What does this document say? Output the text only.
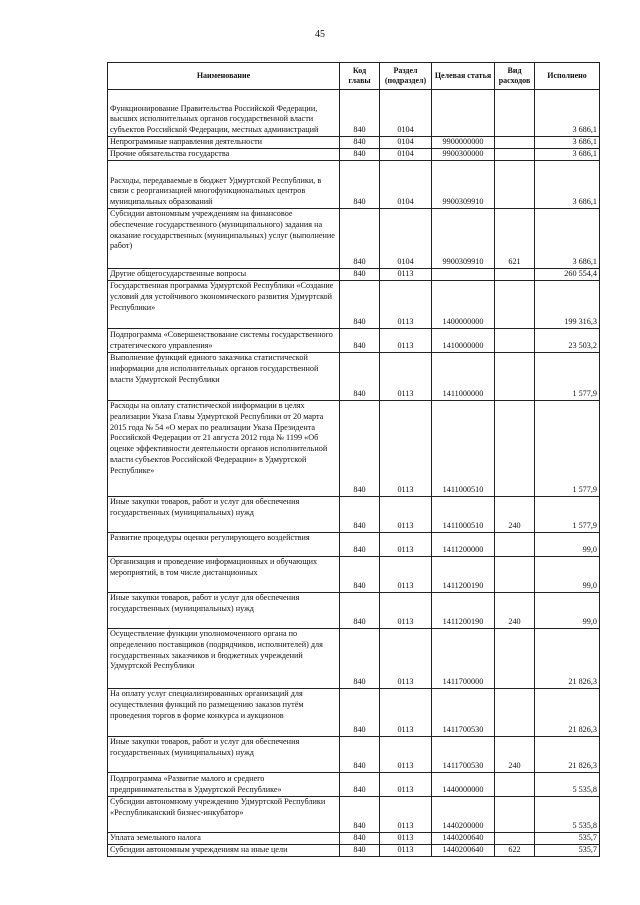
45
Наименование	Код главы	Раздел (подраздел)	Целевая статья	Вид расходов	Исполнено
Функционирование Правительства Российской Федерации, высших исполнительных органов государственной власти субъектов Российской Федерации, местных администраций	840	0104			3 686,1
Непрограммные направления деятельности	840	0104	9900000000		3 686,1
Прочие обязательства государства	840	0104	9900300000		3 686,1
Расходы, передаваемые в бюджет Удмуртской Республики, в связи с реорганизацией многофункциональных центров муниципальных образований	840	0104	9900309910		3 686,1

Субсидии автономным учреждениям на финансовое обеспечение государственного (муниципального) задания на оказание государственных (муниципальных) услуг (выполнение работ)	840	0104	9900309910	621	3 686,1
Другие общегосударственные вопросы	840	0113			260 554,4

Государственная программа Удмуртской Республики «Создание условий для устойчивого экономического развития Удмуртской Республики»	840	0113	1400000000		199 316,3
Подпрограмма «Совершенствование системы государственного стратегического управления»	840	0113	1410000000		23 503,2

Выполнение функций единого заказчика статистической информации для исполнительных органов государственной власти Удмуртской Республики	840	0113	1411000000		1 577,9

Расходы на оплату статистической информации в целях реализации Указа Главы Удмуртской Республики от 20 марта 2015 года № 54 «О мерах по реализации Указа Президента Российской Федерации от 21 августа 2012 года № 1199 «Об оценке эффективности деятельности органов исполнительной власти субъектов Российской Федерации» в Удмуртской Республике»	840	0113	1411000510		1 577,9

Иные закупки товаров, работ и услуг для обеспечения государственных (муниципальных) нужд	840	0113	1411000510	240	1 577,9

Развитие процедуры оценки регулирующего воздействия	840	0113	1411200000		99,0

Организация и проведение информационных и обучающих мероприятий, в том числе дистанционных	840	0113	1411200190		99,0

Иные закупки товаров, работ и услуг для обеспечения государственных (муниципальных) нужд	840	0113	1411200190	240	99,0

Осуществление функции уполномоченного органа по определению поставщиков (подрядчиков, исполнителей) для государственных заказчиков и бюджетных учреждений Удмуртской Республики	840	0113	1411700000		21 826,3

На оплату услуг специализированных организаций для осуществления функций по размещению заказов путём проведения торгов в форме конкурса и аукционов	840	0113	1411700530		21 826,3

Иные закупки товаров, работ и услуг для обеспечения государственных (муниципальных) нужд	840	0113	1411700530	240	21 826,3
Подпрограмма «Развитие малого и среднего предпринимательства в Удмуртской Республике»	840	0113	1440000000		5 535,8

Субсидии автономному учреждению Удмуртской Республики «Республиканский бизнес-инкубатор»	840	0113	1440200000		5 535,8
Уплата земельного налога	840	0113	1440200640		535,7
Субсидии автономным учреждениям на иные цели	840	0113	1440200640	622	535,7
